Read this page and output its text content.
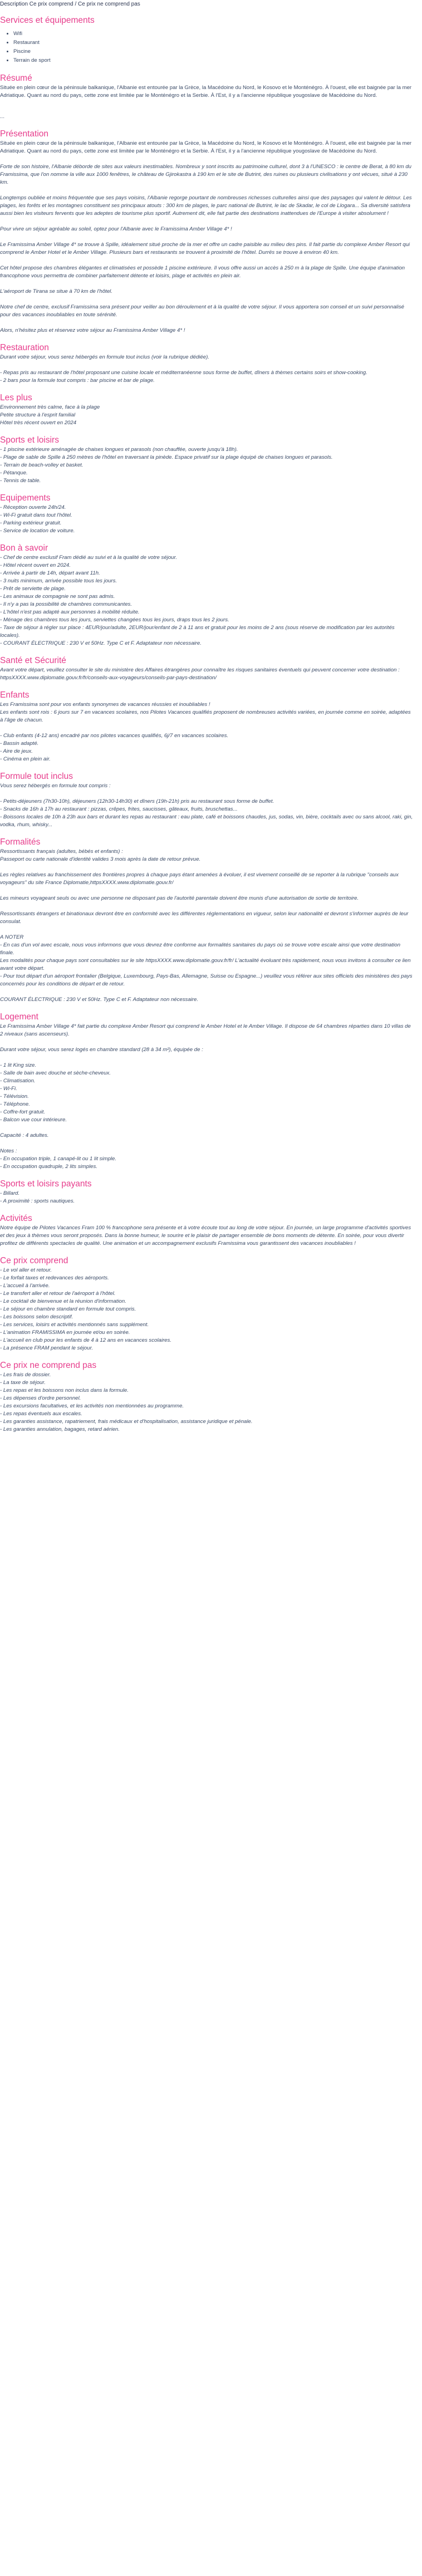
Description Ce prix comprend / Ce prix ne comprend pas

Services et équipements
• Wifi
• Restaurant
• Piscine
• Terrain de sport
Résumé

Située en plein cœur de la péninsule balkanique, l'Albanie est entourée par la Grèce, la Macédoine du Nord, le Kosovo et le Monténégro. À l'ouest, elle est baignée par la mer Adriatique. Quant au nord du pays, cette zone est limitée par le Monténégro et la Serbie. À l'Est, il y a l'ancienne république yougoslave de Macédoine du Nord.

...

Présentation

Située en plein cœur de la péninsule balkanique, l'Albanie est entourée par la Grèce, la Macédoine du Nord, le Kosovo et le Monténégro. À l'ouest, elle est baignée par la mer Adriatique. Quant au nord du pays, cette zone est limitée par le Monténégro et la Serbie. À l'Est, il y a l'ancienne république yougoslave de Macédoine du Nord.

Forte de son histoire, l'Albanie déborde de sites aux valeurs inestimables. Nombreux y sont inscrits au patrimoine culturel, dont 3 à l'UNESCO : le centre de Berat, à 80 km du Framissima, que l'on nomme la ville aux 1000 fenêtres, le château de Gjirokastra à 190 km et le site de Butrint, des ruines ou plusieurs civilisations y ont vécues, situé à 230 km.

Longtemps oubliée et moins fréquentée que ses pays voisins, l'Albanie regorge pourtant de nombreuses richesses culturelles ainsi que des paysages qui valent le détour. Les plages, les forêts et les montagnes constituent ses principaux atouts : 300 km de plages, le parc national de Butrint, le lac de Skadar, le col de Llogara... Sa diversité satisfera aussi bien les visiteurs fervents que les adeptes de tourisme plus sportif. Autrement dit, elle fait partie des destinations inattendues de l'Europe à visiter absolument !

Pour vivre un séjour agréable au soleil, optez pour l'Albanie avec le Framissima Amber Village 4* !

Le Framissima Amber Village 4* se trouve à Spille, idéalement situé proche de la mer et offre un cadre paisible au milieu des pins. Il fait partie du complexe Amber Resort qui comprend le Amber Hotel et le Amber Village. Plusieurs bars et restaurants se trouvent à proximité de l'hôtel. Durrës se trouve à environ 40 km.

Cet hôtel propose des chambres élégantes et climatisées et possède 1 piscine extérieure. Il vous offre aussi un accès à 250 m à la plage de Spille. Une équipe d'animation francophone vous permettra de combiner parfaitement détente et loisirs, plage et activités en plein air.

L'aéroport de Tirana se situe à 70 km de l'hôtel.

Notre chef de centre, exclusif Framissima sera présent pour veiller au bon déroulement et à la qualité de votre séjour. Il vous apportera son conseil et un suivi personnalisé pour des vacances inoubliables en toute sérénité.

Alors, n'hésitez plus et réservez votre séjour au Framissima Amber Village 4* !

Restauration

Durant votre séjour, vous serez hébergés en formule tout inclus (voir la rubrique dédiée).

- Repas pris au restaurant de l'hôtel proposant une cuisine locale et méditerranéenne sous forme de buffet, dîners à thèmes certains soirs et show-cooking.

- 2 bars pour la formule tout compris : bar piscine et bar de plage.

Les plus

Environnement très calme, face à la plage

Petite structure à l'esprit familial

Hôtel très récent ouvert en 2024

Sports et loisirs

- 1 piscine extérieure aménagée de chaises longues et parasols (non chauffée, ouverte jusqu'à 18h).

- Plage de sable de Spille à 250 mètres de l'hôtel en traversant la pinède. Espace privatif sur la plage équipé de chaises longues et parasols.

- Terrain de beach-volley et basket.

- Pétanque.

- Tennis de table.

Equipements

- Réception ouverte 24h/24.

- Wi-Fi gratuit dans tout l'hôtel.

- Parking extérieur gratuit.

- Service de location de voiture.

Bon à savoir

- Chef de centre exclusif Fram dédié au suivi et à la qualité de votre séjour.

- Hôtel récent ouvert en 2024.

- Arrivée à partir de 14h, départ avant 11h.

- 3 nuits minimum, arrivée possible tous les jours.

- Prêt de serviette de plage.

- Les animaux de compagnie ne sont pas admis.

- Il n'y a pas la possibilité de chambres communicantes.

- L'hôtel n'est pas adapté aux personnes à mobilité réduite.

- Ménage des chambres tous les jours, serviettes changées tous les jours, draps tous les 2 jours.

- Taxe de séjour à régler sur place : 4EUR/jour/adulte, 2EUR/jour/enfant de 2 à 11 ans et gratuit pour les moins de 2 ans (sous réserve de modification par les autorités locales).

- COURANT ÉLECTRIQUE : 230 V et 50Hz. Type C et F. Adaptateur non nécessaire.

Santé et Sécurité

Avant votre départ, veuillez consulter le site du ministère des Affaires étrangères pour connaître les risques sanitaires éventuels qui peuvent concerner votre destination : httpsXXXX.www.diplomatie.gouv.fr/fr/conseils-aux-voyageurs/conseils-par-pays-destination/

Enfants

Les Framissima sont pour vos enfants synonymes de vacances réussies et inoubliables !

Les enfants sont rois : 6 jours sur 7 en vacances scolaires, nos Pilotes Vacances qualifiés proposent de nombreuses activités variées, en journée comme en soirée, adaptées à l'âge de chacun.

- Club enfants (4-12 ans) encadré par nos pilotes vacances qualifiés, 6j/7 en vacances scolaires.

- Bassin adapté.

- Aire de jeux.

- Cinéma en plein air.

Formule tout inclus

Vous serez hébergés en formule tout compris :

- Petits-déjeuners (7h30-10h), déjeuners (12h30-14h30) et dîners (19h-21h) pris au restaurant sous forme de buffet.

- Snacks de 16h à 17h au restaurant : pizzas, crêpes, frites, saucisses, gâteaux, fruits, bruschettas...

- Boissons locales de 10h à 23h aux bars et durant les repas au restaurant : eau plate, café et boissons chaudes, jus, sodas, vin, bière, cocktails avec ou sans alcool, raki, gin, vodka, rhum, whisky...

Formalités

Ressortissants français (adultes, bébés et enfants) :

Passeport ou carte nationale d'identité valides 3 mois après la date de retour prévue.

Les règles relatives au franchissement des frontières propres à chaque pays étant amenées à évoluer, il est vivement conseillé de se reporter à la rubrique "conseils aux voyageurs" du site France Diplomatie,httpsXXXX.www.diplomatie.gouv.fr/

Les mineurs voyageant seuls ou avec une personne ne disposant pas de l'autorité parentale doivent être munis d'une autorisation de sortie de territoire.

Ressortissants étrangers et binationaux devront être en conformité avec les différentes réglementations en vigueur, selon leur nationalité et devront s'informer auprès de leur consulat.

A NOTER

- En cas d'un vol avec escale, nous vous informons que vous devrez être conforme aux formalités sanitaires du pays où se trouve votre escale ainsi que votre destination finale.

Les modalités pour chaque pays sont consultables sur le site httpsXXXX.www.diplomatie.gouv.fr/fr/ L'actualité évoluant très rapidement, nous vous invitons à consulter ce lien avant votre départ.

- Pour tout départ d'un aéroport frontalier (Belgique, Luxembourg, Pays-Bas, Allemagne, Suisse ou Espagne...) veuillez vous référer aux sites officiels des ministères des pays concernés pour les conditions de départ et de retour.

COURANT ÉLECTRIQUE : 230 V et 50Hz. Type C et F. Adaptateur non nécessaire.

Logement

Le Framissima Amber Village 4* fait partie du complexe Amber Resort qui comprend le Amber Hotel et le Amber Village. Il dispose de 64 chambres réparties dans 10 villas de 2 niveaux (sans ascenseurs).

Durant votre séjour, vous serez logés en chambre standard (28 à 34 m²), équipée de :

- 1 lit King size.

- Salle de bain avec douche et sèche-cheveux.

- Climatisation.

- Wi-Fi.

- Télévision.

- Téléphone.

- Coffre-fort gratuit.

- Balcon vue cour intérieure.

Capacité : 4 adultes.

Notes :

- En occupation triple, 1 canapé-lit ou 1 lit simple.

- En occupation quadruple, 2 lits simples.

Sports et loisirs payants

- Billard.

- A proximité : sports nautiques.

Activités

Notre équipe de Pilotes Vacances Fram 100 % francophone sera présente et à votre écoute tout au long de votre séjour. En journée, un large programme d'activités sportives et des jeux à thèmes vous seront proposés. Dans la bonne humeur, le sourire et le plaisir de partager ensemble de bons moments de détente. En soirée, pour vous divertir profitez de différents spectacles de qualité. Une animation et un accompagnement exclusifs Framissima vous garantissent des vacances inoubliables !

Ce prix comprend

- Le vol aller et retour.

- Le forfait taxes et redevances des aéroports.

- L'accueil à l'arrivée.

- Le transfert aller et retour de l'aéroport à l'hôtel.

- Le cocktail de bienvenue et la réunion d'information.

- Le séjour en chambre standard en formule tout compris.

- Les boissons selon descriptif.

- Les services, loisirs et activités mentionnés sans supplément.

- L'animation FRAMISSIMA en journée et/ou en soirée.

- L'accueil en club pour les enfants de 4 à 12 ans en vacances scolaires.

- La présence FRAM pendant le séjour.

Ce prix ne comprend pas

- Les frais de dossier.

- La taxe de séjour.

- Les repas et les boissons non inclus dans la formule.

- Les dépenses d'ordre personnel.

- Les excursions facultatives, et les activités non mentionnées au programme.

- Les repas éventuels aux escales.

- Les garanties assistance, rapatriement, frais médicaux et d'hospitalisation, assistance juridique et pénale.

- Les garanties annulation, bagages, retard aérien.
